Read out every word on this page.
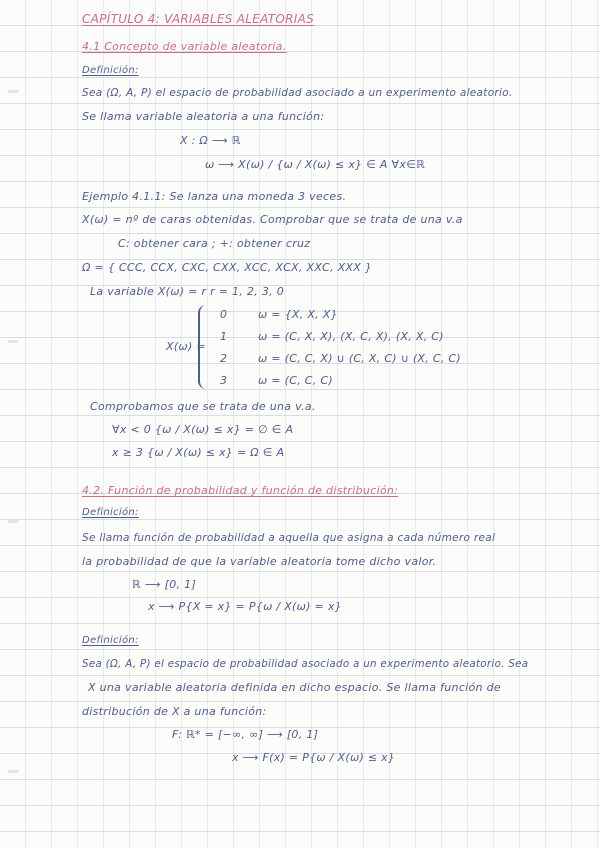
CAPÍTULO 4: VARIABLES ALEATORIAS
4.1 Concepto de variable aleatoria.
Definición:
Sea (Ω, A, P) el espacio de probabilidad asociado a un experimento aleatorio.
Se llama variable aleatoria a una función:
X : Ω ⟶ ℝ
ω ⟶ X(ω) / {ω / X(ω) ≤ x} ∈ A ∀x∈ℝ
Ejemplo 4.1.1: Se lanza una moneda 3 veces.
X(ω) = nº de caras obtenidas. Comprobar que se trata de una v.a
C: obtener cara ; +: obtener cruz
Ω = { CCC, CCX, CXC, CXX, XCC, XCX, XXC, XXX }
La variable X(ω) = r r = 1, 2, 3, 0
X(ω) =
0	ω = {X, X, X}
1	ω = (C, X, X), (X, C, X), (X, X, C)
2	ω = (C, C, X) ∪ (C, X, C) ∪ (X, C, C)
3	ω = (C, C, C)
Comprobamos que se trata de una v.a.
∀x < 0 {ω / X(ω) ≤ x} = ∅ ∈ A
x ≥ 3 {ω / X(ω) ≤ x} = Ω ∈ A
4.2. Función de probabilidad y función de distribución:
Definición:
Se llama función de probabilidad a aquella que asigna a cada número real
la probabilidad de que la variable aleatoria tome dicho valor.
ℝ ⟶ [0, 1]
x ⟶ P{X = x} = P{ω / X(ω) = x}
Definición:
Sea (Ω, A, P) el espacio de probabilidad asociado a un experimento aleatorio. Sea
X una variable aleatoria definida en dicho espacio. Se llama función de
distribución de X a una función:
F: ℝ* = [−∞, ∞] ⟶ [0, 1]
x ⟶ F(x) = P{ω / X(ω) ≤ x}
